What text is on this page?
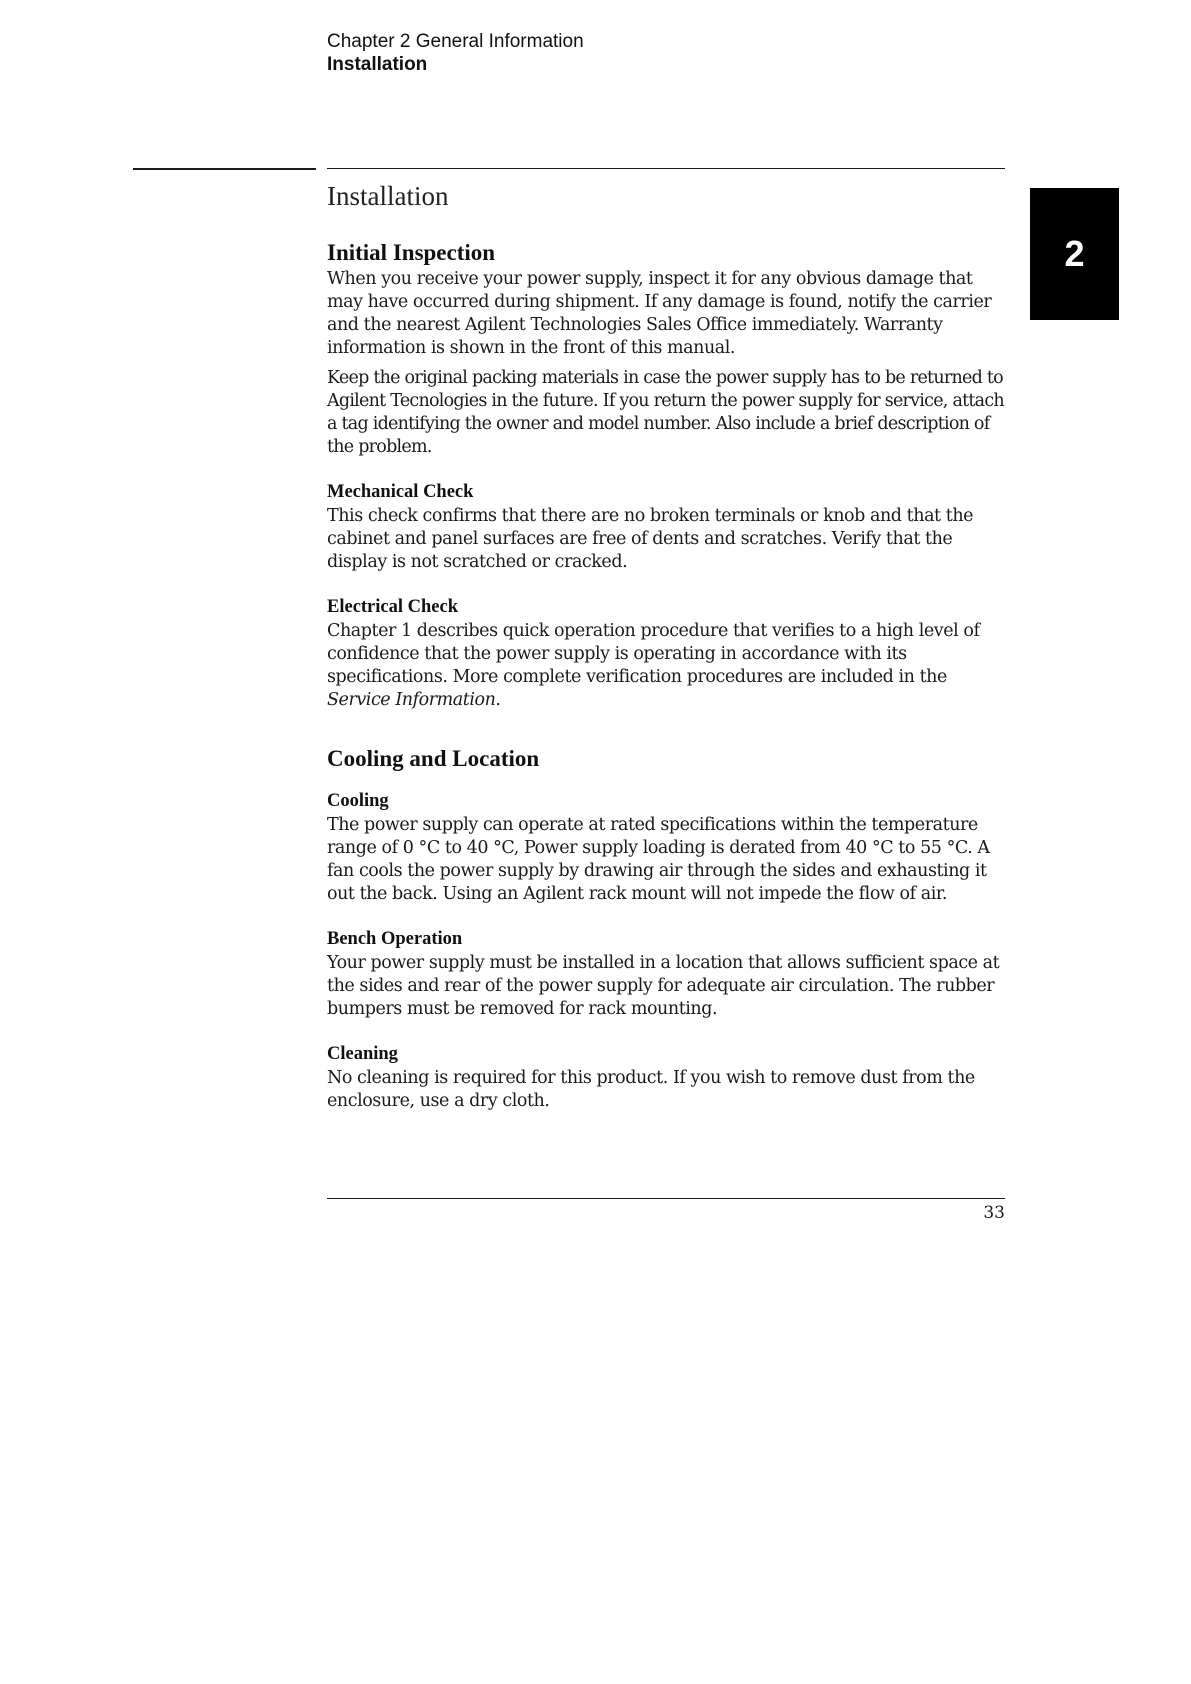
Chapter 2 General Information
Installation
2
Installation
Initial Inspection

When you receive your power supply, inspect it for any obvious damage that may have occurred during shipment. If any damage is found, notify the carrier and the nearest Agilent Technologies Sales Office immediately. Warranty information is shown in the front of this manual.

Keep the original packing materials in case the power supply has to be returned to Agilent Tecnologies in the future. If you return the power supply for service, attach a tag identifying the owner and model number. Also include a brief description of the problem.

Mechanical Check

This check confirms that there are no broken terminals or knob and that the cabinet and panel surfaces are free of dents and scratches. Verify that the display is not scratched or cracked.

Electrical Check

Chapter 1 describes quick operation procedure that verifies to a high level of confidence that the power supply is operating in accordance with its specifications. More complete verification procedures are included in the Service Information.

Cooling and Location
Cooling

The power supply can operate at rated specifications within the temperature range of 0 °C to 40 °C, Power supply loading is derated from 40 °C to 55 °C. A fan cools the power supply by drawing air through the sides and exhausting it out the back. Using an Agilent rack mount will not impede the flow of air.

Bench Operation

Your power supply must be installed in a location that allows sufficient space at the sides and rear of the power supply for adequate air circulation. The rubber bumpers must be removed for rack mounting.

Cleaning

No cleaning is required for this product. If you wish to remove dust from the enclosure, use a dry cloth.

33
